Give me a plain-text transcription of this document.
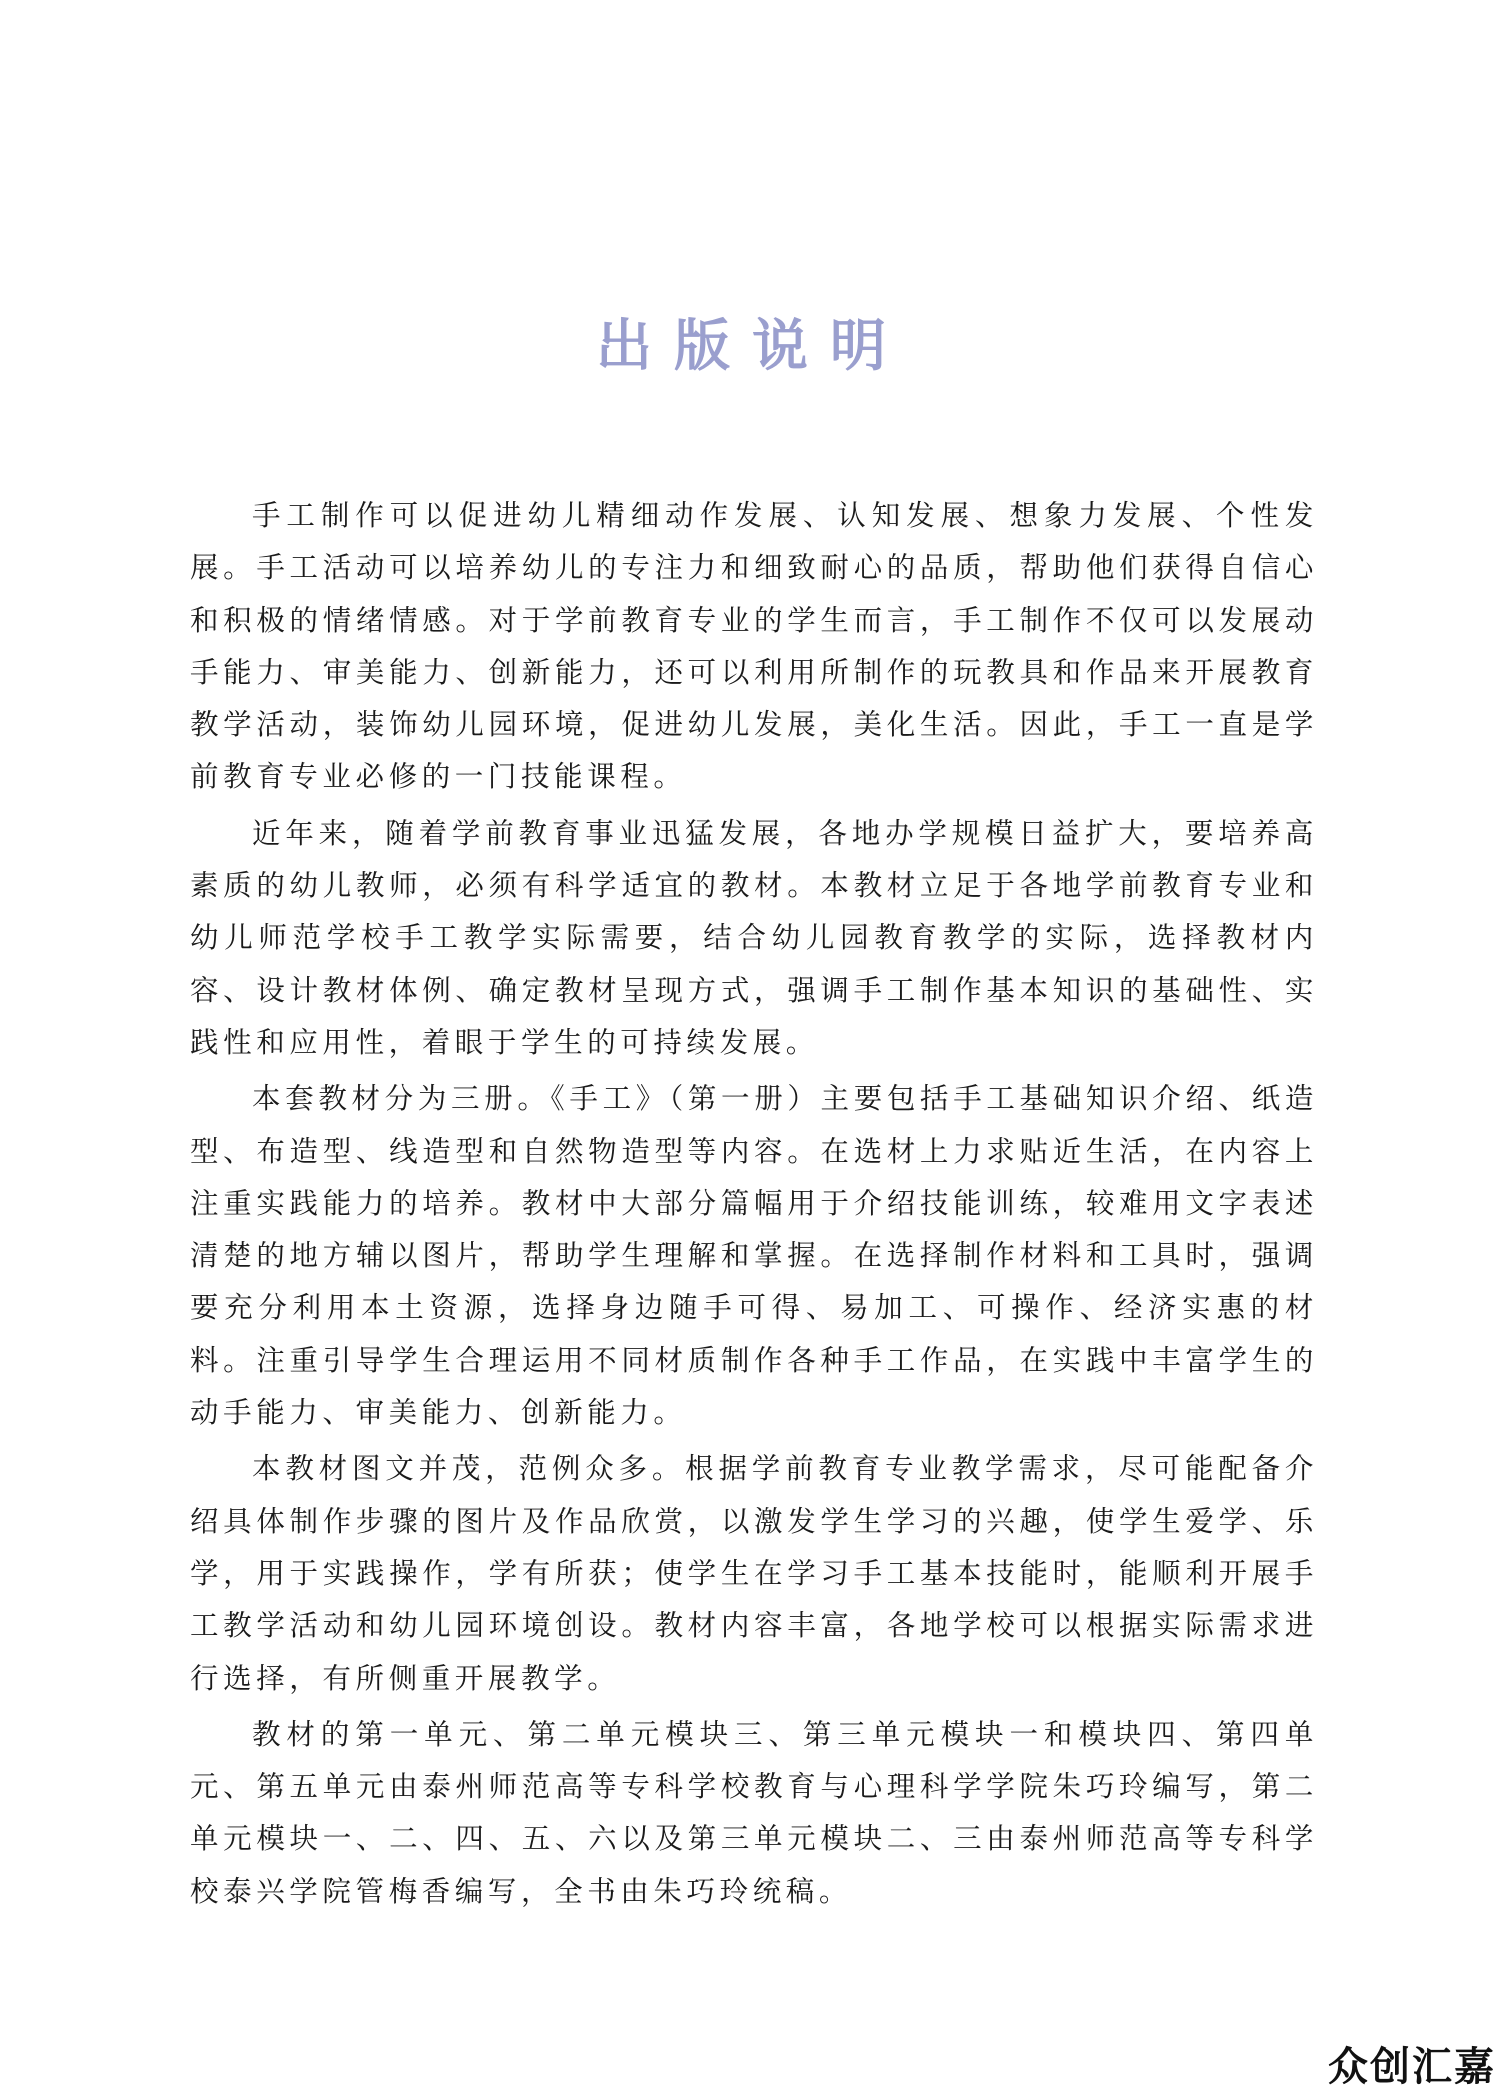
出版说明

手工制作可以促进幼儿精细动作发展、认知发展、想象力发展、个性发展。手工活动可以培养幼儿的专注力和细致耐心的品质，帮助他们获得自信心和积极的情绪情感。对于学前教育专业的学生而言，手工制作不仅可以发展动手能力、审美能力、创新能力，还可以利用所制作的玩教具和作品来开展教育教学活动，装饰幼儿园环境，促进幼儿发展，美化生活。因此，手工一直是学前教育专业必修的一门技能课程。

近年来，随着学前教育事业迅猛发展，各地办学规模日益扩大，要培养高素质的幼儿教师，必须有科学适宜的教材。本教材立足于各地学前教育专业和幼儿师范学校手工教学实际需要，结合幼儿园教育教学的实际，选择教材内容、设计教材体例、确定教材呈现方式，强调手工制作基本知识的基础性、实践性和应用性，着眼于学生的可持续发展。

本套教材分为三册。《手工》（第一册）主要包括手工基础知识介绍、纸造型、布造型、线造型和自然物造型等内容。在选材上力求贴近生活，在内容上注重实践能力的培养。教材中大部分篇幅用于介绍技能训练，较难用文字表述清楚的地方辅以图片，帮助学生理解和掌握。在选择制作材料和工具时，强调要充分利用本土资源，选择身边随手可得、易加工、可操作、经济实惠的材料。注重引导学生合理运用不同材质制作各种手工作品，在实践中丰富学生的动手能力、审美能力、创新能力。

本教材图文并茂，范例众多。根据学前教育专业教学需求，尽可能配备介绍具体制作步骤的图片及作品欣赏，以激发学生学习的兴趣，使学生爱学、乐学，用于实践操作，学有所获；使学生在学习手工基本技能时，能顺利开展手工教学活动和幼儿园环境创设。教材内容丰富，各地学校可以根据实际需求进行选择，有所侧重开展教学。

教材的第一单元、第二单元模块三、第三单元模块一和模块四、第四单元、第五单元由泰州师范高等专科学校教育与心理科学学院朱巧玲编写，第二单元模块一、二、四、五、六以及第三单元模块二、三由泰州师范高等专科学校泰兴学院管梅香编写，全书由朱巧玲统稿。

众创汇嘉
